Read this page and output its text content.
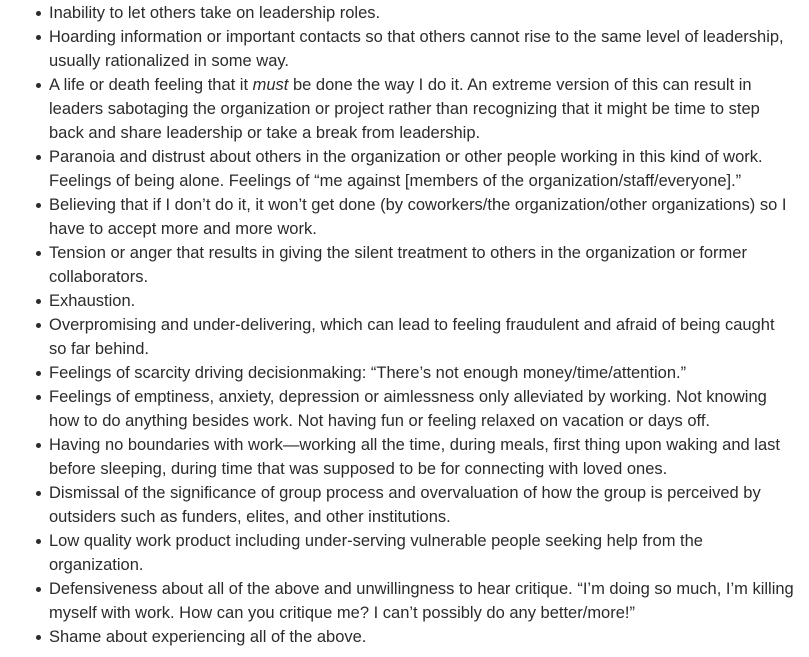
Inability to let others take on leadership roles.
Hoarding information or important contacts so that others cannot rise to the same level of leadership, usually rationalized in some way.
A life or death feeling that it must be done the way I do it. An extreme version of this can result in leaders sabotaging the organization or project rather than recognizing that it might be time to step back and share leadership or take a break from leadership.
Paranoia and distrust about others in the organization or other people working in this kind of work. Feelings of being alone. Feelings of “me against [members of the organization/staff/everyone].”
Believing that if I don’t do it, it won’t get done (by coworkers/the organization/other organizations) so I have to accept more and more work.
Tension or anger that results in giving the silent treatment to others in the organization or former collaborators.
Exhaustion.
Overpromising and under-delivering, which can lead to feeling fraudulent and afraid of being caught so far behind.
Feelings of scarcity driving decisionmaking: “There’s not enough money/time/attention.”
Feelings of emptiness, anxiety, depression or aimlessness only alleviated by working. Not knowing how to do anything besides work. Not having fun or feeling relaxed on vacation or days off.
Having no boundaries with work—working all the time, during meals, first thing upon waking and last before sleeping, during time that was supposed to be for connecting with loved ones.
Dismissal of the significance of group process and overvaluation of how the group is perceived by outsiders such as funders, elites, and other institutions.
Low quality work product including under-serving vulnerable people seeking help from the organization.
Defensiveness about all of the above and unwillingness to hear critique. “I’m doing so much, I’m killing myself with work. How can you critique me? I can’t possibly do any better/more!”
Shame about experiencing all of the above.
